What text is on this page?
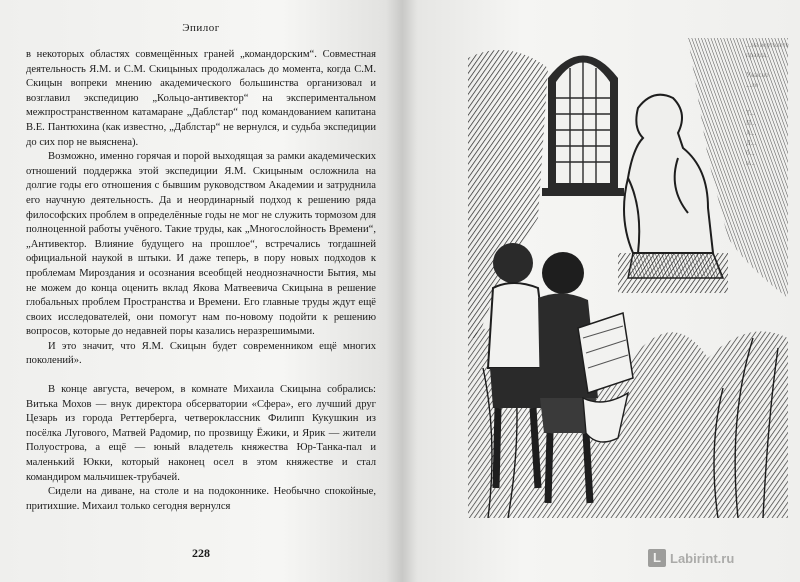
Эпилог

в некоторых областях совмещённых граней „командорским“. Совместная деятельность Я.М. и С.М. Скицыных продолжалась до момента, когда С.М. Скицын вопреки мнению академического большинства организовал и возглавил экспедицию „Кольцо-антивектор“ на экспериментальном межпространственном катамаране „Даблстар“ под командованием капитана В.Е. Пантюхина (как известно, „Даблстар“ не вернулся, и судьба экспедиции до сих пор не выяснена).

Возможно, именно горячая и порой выходящая за рамки академических отношений поддержка этой экспедиции Я.М. Скицыным осложнила на долгие годы его отношения с бывшим руководством Академии и затруднила его научную деятельность. Да и неординарный подход к решению ряда философских проблем в определённые годы не мог не служить тормозом для полноценной работы учёного. Такие труды, как „Многослойность Времени“, „Антивектор. Влияние будущего на прошлое“, встречались тогдашней официальной наукой в штыки. И даже теперь, в пору новых подходов к проблемам Мироздания и осознания всеобщей неоднозначности Бытия, мы не можем до конца оценить вклад Якова Матвеевича Скицына в решение глобальных проблем Пространства и Времени. Его главные труды ждут ещё своих исследователей, они помогут нам по-новому подойти к решению вопросов, которые до недавней поры казались неразрешимыми.

И это значит, что Я.М. Скицын будет современником ещё многих поколений».

В конце августа, вечером, в комнате Михаила Скицына собрались: Витька Мохов — внук директора обсерватории «Сфера», его лучший друг Цезарь из города Реттерберга, четвероклассник Филипп Кукушкин из посёлка Лугового, Матвей Радомир, по прозвищу Ёжики, и Ярик — жители Полуострова, а ещё — юный владетель княжества Юр-Танка-пал и маленький Юкки, который наконец осел в этом княжестве и стал командиром мальчишек-трубачей.

Сидели на диване, на столе и на подоконнике. Необычно спокойные, притихшие. Михаил только сегодня вернулся

228	L Labirint.ru
